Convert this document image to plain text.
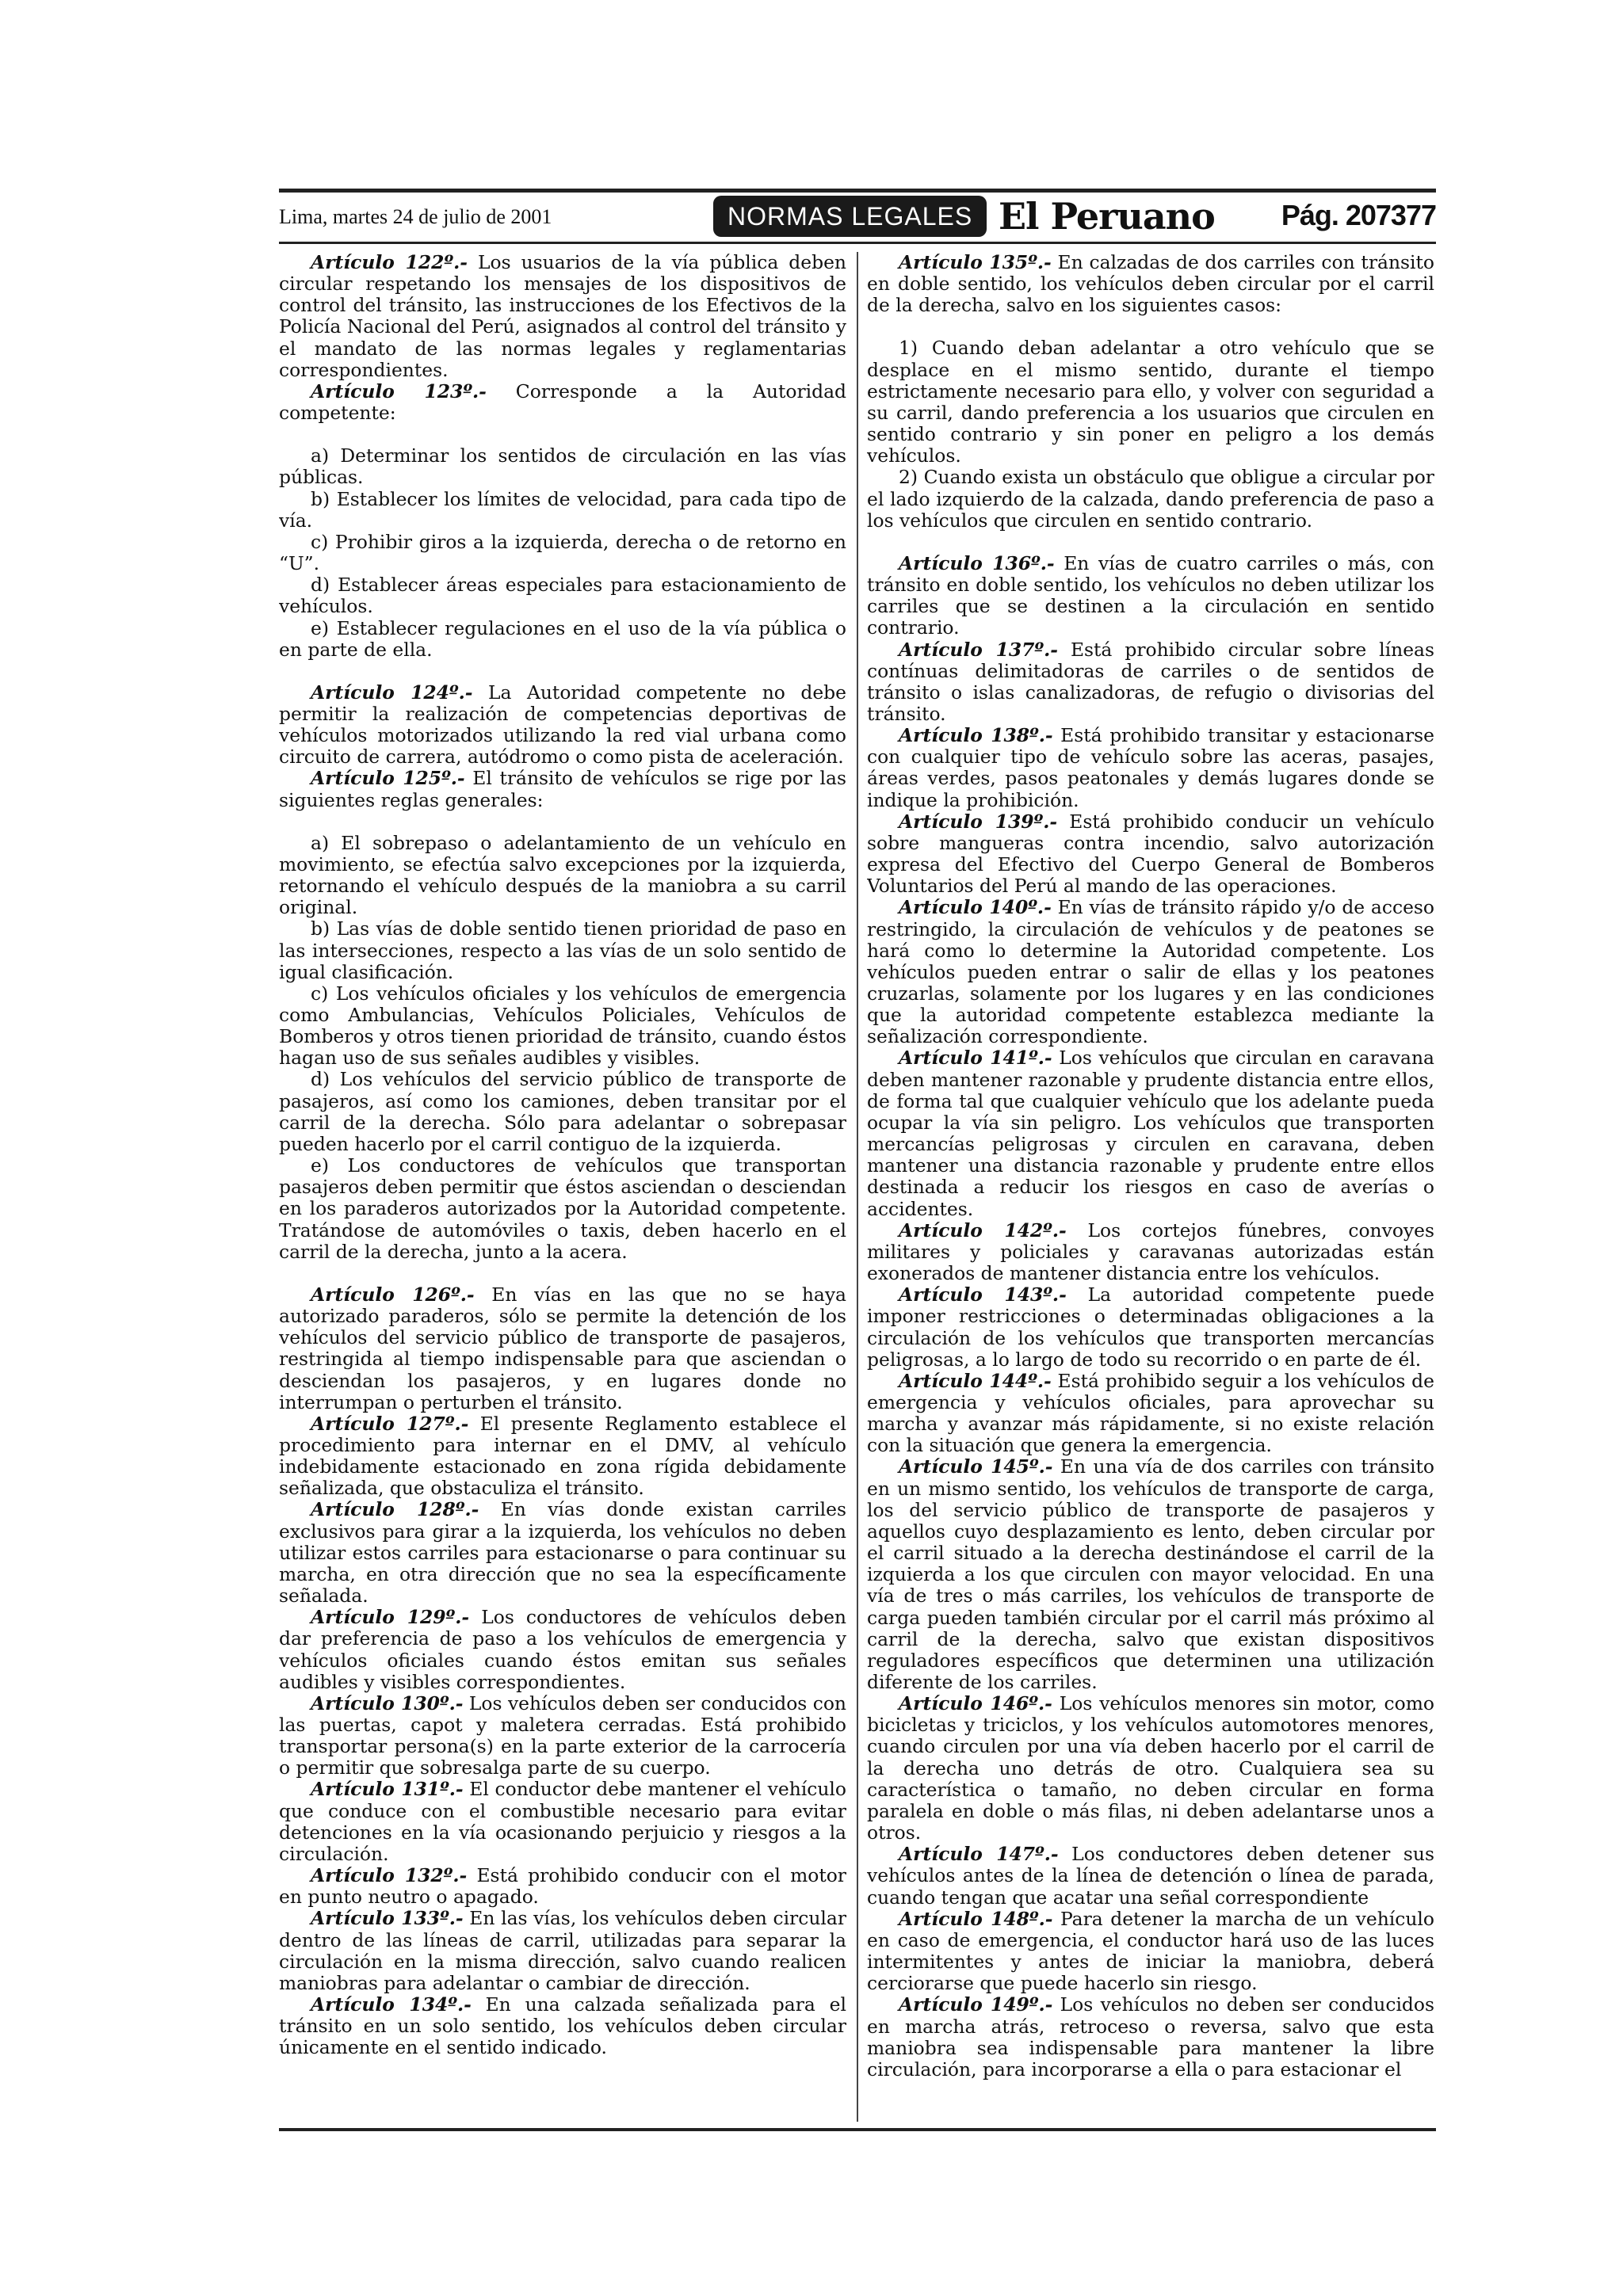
Lima, martes 24 de julio de 2001	NORMAS LEGALES El Peruano Pág. 207377

Artículo 122º.- Los usuarios de la vía pública deben circular respetando los mensajes de los dispositivos de control del tránsito, las instrucciones de los Efectivos de la Policía Nacional del Perú, asignados al control del tránsito y el mandato de las normas legales y reglamentarias correspondientes.

Artículo 123º.- Corresponde a la Autoridad competente:

a) Determinar los sentidos de circulación en las vías públicas.

b) Establecer los límites de velocidad, para cada tipo de vía.

c) Prohibir giros a la izquierda, derecha o de retorno en “U”.

d) Establecer áreas especiales para estacionamiento de vehículos.

e) Establecer regulaciones en el uso de la vía pública o en parte de ella.

Artículo 124º.- La Autoridad competente no debe permitir la realización de competencias deportivas de vehículos motorizados utilizando la red vial urbana como circuito de carrera, autódromo o como pista de aceleración.

Artículo 125º.- El tránsito de vehículos se rige por las siguientes reglas generales:

a) El sobrepaso o adelantamiento de un vehículo en movimiento, se efectúa salvo excepciones por la izquierda, retornando el vehículo después de la maniobra a su carril original.

b) Las vías de doble sentido tienen prioridad de paso en las intersecciones, respecto a las vías de un solo sentido de igual clasificación.

c) Los vehículos oficiales y los vehículos de emergencia como Ambulancias, Vehículos Policiales, Vehículos de Bomberos y otros tienen prioridad de tránsito, cuando éstos hagan uso de sus señales audibles y visibles.

d) Los vehículos del servicio público de transporte de pasajeros, así como los camiones, deben transitar por el carril de la derecha. Sólo para adelantar o sobrepasar pueden hacerlo por el carril contiguo de la izquierda.

e) Los conductores de vehículos que transportan pasajeros deben permitir que éstos asciendan o desciendan en los paraderos autorizados por la Autoridad competente. Tratándose de automóviles o taxis, deben hacerlo en el carril de la derecha, junto a la acera.

Artículo 126º.- En vías en las que no se haya autorizado paraderos, sólo se permite la detención de los vehículos del servicio público de transporte de pasajeros, restringida al tiempo indispensable para que asciendan o desciendan los pasajeros, y en lugares donde no interrumpan o perturben el tránsito.

Artículo 127º.- El presente Reglamento establece el procedimiento para internar en el DMV, al vehículo indebidamente estacionado en zona rígida debidamente señalizada, que obstaculiza el tránsito.

Artículo 128º.- En vías donde existan carriles exclusivos para girar a la izquierda, los vehículos no deben utilizar estos carriles para estacionarse o para continuar su marcha, en otra dirección que no sea la específicamente señalada.

Artículo 129º.- Los conductores de vehículos deben dar preferencia de paso a los vehículos de emergencia y vehículos oficiales cuando éstos emitan sus señales audibles y visibles correspondientes.

Artículo 130º.- Los vehículos deben ser conducidos con las puertas, capot y maletera cerradas. Está prohibido transportar persona(s) en la parte exterior de la carrocería o permitir que sobresalga parte de su cuerpo.

Artículo 131º.- El conductor debe mantener el vehículo que conduce con el combustible necesario para evitar detenciones en la vía ocasionando perjuicio y riesgos a la circulación.

Artículo 132º.- Está prohibido conducir con el motor en punto neutro o apagado.

Artículo 133º.- En las vías, los vehículos deben circular dentro de las líneas de carril, utilizadas para separar la circulación en la misma dirección, salvo cuando realicen maniobras para adelantar o cambiar de dirección.

Artículo 134º.- En una calzada señalizada para el tránsito en un solo sentido, los vehículos deben circular únicamente en el sentido indicado.

Artículo 135º.- En calzadas de dos carriles con tránsito en doble sentido, los vehículos deben circular por el carril de la derecha, salvo en los siguientes casos:

1) Cuando deban adelantar a otro vehículo que se desplace en el mismo sentido, durante el tiempo estrictamente necesario para ello, y volver con seguridad a su carril, dando preferencia a los usuarios que circulen en sentido contrario y sin poner en peligro a los demás vehículos.

2) Cuando exista un obstáculo que obligue a circular por el lado izquierdo de la calzada, dando preferencia de paso a los vehículos que circulen en sentido contrario.

Artículo 136º.- En vías de cuatro carriles o más, con tránsito en doble sentido, los vehículos no deben utilizar los carriles que se destinen a la circulación en sentido contrario.

Artículo 137º.- Está prohibido circular sobre líneas contínuas delimitadoras de carriles o de sentidos de tránsito o islas canalizadoras, de refugio o divisorias del tránsito.

Artículo 138º.- Está prohibido transitar y estacionarse con cualquier tipo de vehículo sobre las aceras, pasajes, áreas verdes, pasos peatonales y demás lugares donde se indique la prohibición.

Artículo 139º.- Está prohibido conducir un vehículo sobre mangueras contra incendio, salvo autorización expresa del Efectivo del Cuerpo General de Bomberos Voluntarios del Perú al mando de las operaciones.

Artículo 140º.- En vías de tránsito rápido y/o de acceso restringido, la circulación de vehículos y de peatones se hará como lo determine la Autoridad competente. Los vehículos pueden entrar o salir de ellas y los peatones cruzarlas, solamente por los lugares y en las condiciones que la autoridad competente establezca mediante la señalización correspondiente.

Artículo 141º.- Los vehículos que circulan en caravana deben mantener razonable y prudente distancia entre ellos, de forma tal que cualquier vehículo que los adelante pueda ocupar la vía sin peligro. Los vehículos que transporten mercancías peligrosas y circulen en caravana, deben mantener una distancia razonable y prudente entre ellos destinada a reducir los riesgos en caso de averías o accidentes.

Artículo 142º.- Los cortejos fúnebres, convoyes militares y policiales y caravanas autorizadas están exonerados de mantener distancia entre los vehículos.

Artículo 143º.- La autoridad competente puede imponer restricciones o determinadas obligaciones a la circulación de los vehículos que transporten mercancías peligrosas, a lo largo de todo su recorrido o en parte de él.

Artículo 144º.- Está prohibido seguir a los vehículos de emergencia y vehículos oficiales, para aprovechar su marcha y avanzar más rápidamente, si no existe relación con la situación que genera la emergencia.

Artículo 145º.- En una vía de dos carriles con tránsito en un mismo sentido, los vehículos de transporte de carga, los del servicio público de transporte de pasajeros y aquellos cuyo desplazamiento es lento, deben circular por el carril situado a la derecha destinándose el carril de la izquierda a los que circulen con mayor velocidad. En una vía de tres o más carriles, los vehículos de transporte de carga pueden también circular por el carril más próximo al carril de la derecha, salvo que existan dispositivos reguladores específicos que determinen una utilización diferente de los carriles.

Artículo 146º.- Los vehículos menores sin motor, como bicicletas y triciclos, y los vehículos automotores menores, cuando circulen por una vía deben hacerlo por el carril de la derecha uno detrás de otro. Cualquiera sea su característica o tamaño, no deben circular en forma paralela en doble o más filas, ni deben adelantarse unos a otros.

Artículo 147º.- Los conductores deben detener sus vehículos antes de la línea de detención o línea de parada, cuando tengan que acatar una señal correspondiente

Artículo 148º.- Para detener la marcha de un vehículo en caso de emergencia, el conductor hará uso de las luces intermitentes y antes de iniciar la maniobra, deberá cerciorarse que puede hacerlo sin riesgo.

Artículo 149º.- Los vehículos no deben ser conducidos en marcha atrás, retroceso o reversa, salvo que esta maniobra sea indispensable para mantener la libre circulación, para incorporarse a ella o para estacionar el
